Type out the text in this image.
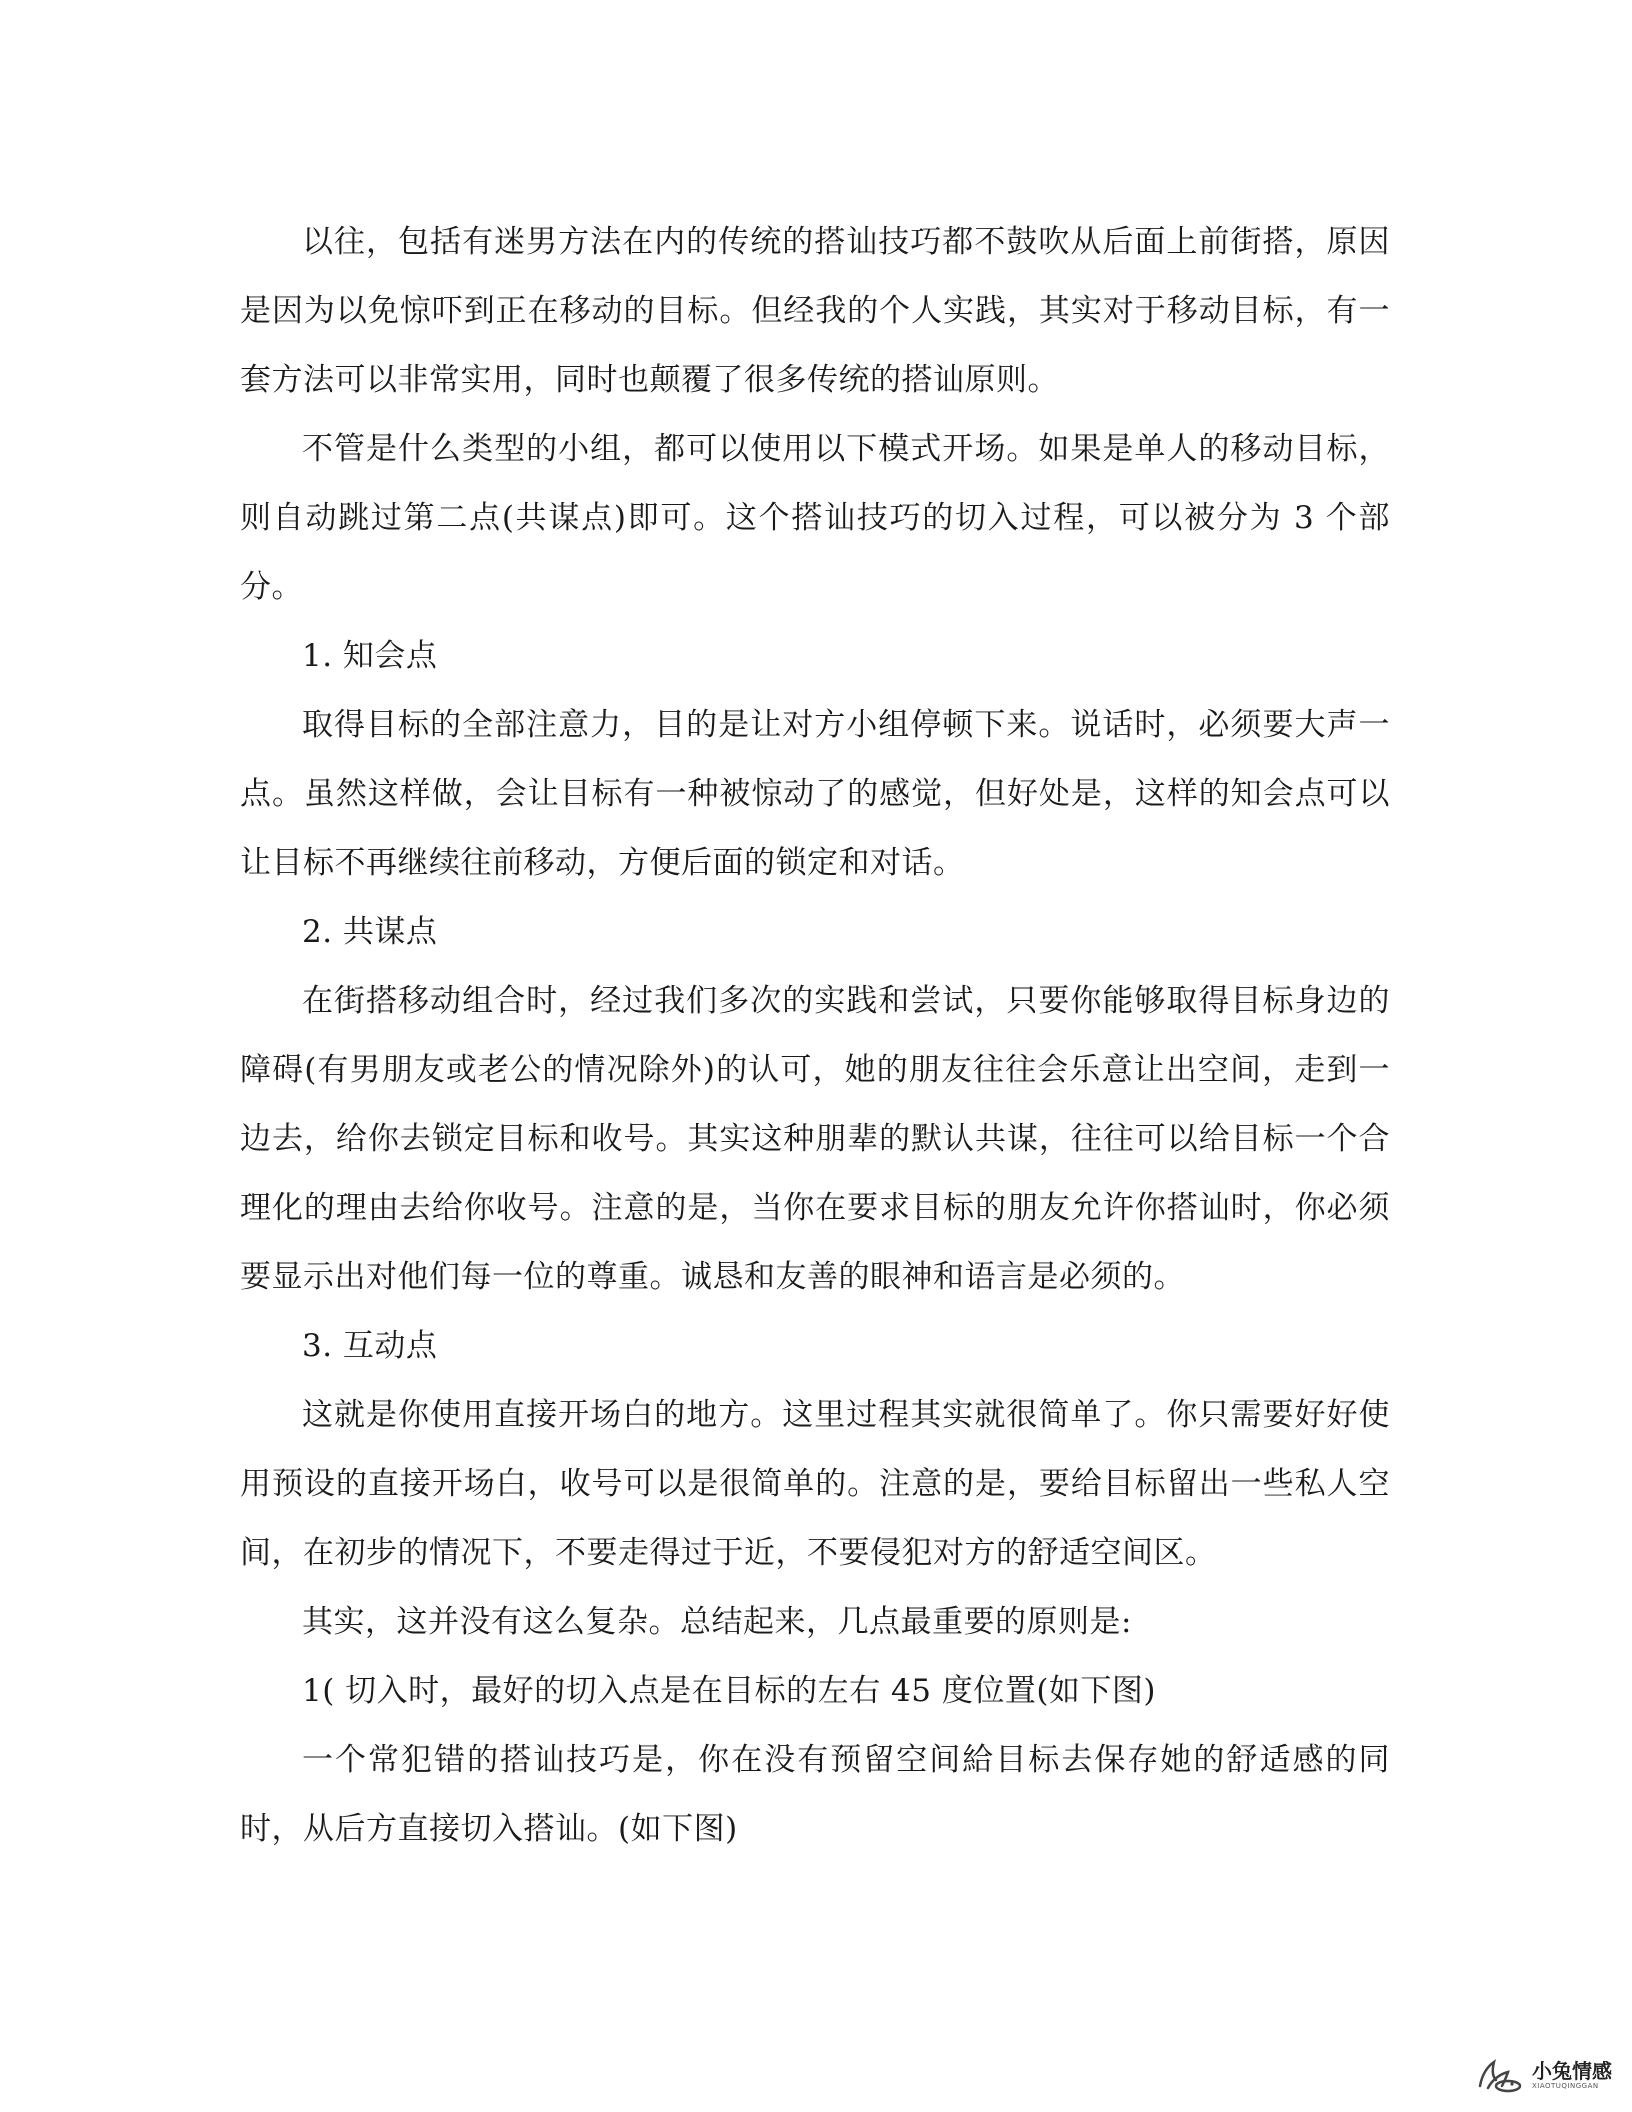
以往，包括有迷男方法在内的传统的搭讪技巧都不鼓吹从后面上前街搭，原因是因为以免惊吓到正在移动的目标。但经我的个人实践，其实对于移动目标，有一套方法可以非常实用，同时也颠覆了很多传统的搭讪原则。

不管是什么类型的小组，都可以使用以下模式开场。如果是单人的移动目标，则自动跳过第二点(共谋点)即可。这个搭讪技巧的切入过程，可以被分为 3 个部分。

1. 知会点

取得目标的全部注意力，目的是让对方小组停顿下来。说话时，必须要大声一点。虽然这样做，会让目标有一种被惊动了的感觉，但好处是，这样的知会点可以让目标不再继续往前移动，方便后面的锁定和对话。

2. 共谋点

在街搭移动组合时，经过我们多次的实践和尝试，只要你能够取得目标身边的障碍(有男朋友或老公的情况除外)的认可，她的朋友往往会乐意让出空间，走到一边去，给你去锁定目标和收号。其实这种朋辈的默认共谋，往往可以给目标一个合理化的理由去给你收号。注意的是，当你在要求目标的朋友允许你搭讪时，你必须要显示出对他们每一位的尊重。诚恳和友善的眼神和语言是必须的。

3. 互动点

这就是你使用直接开场白的地方。这里过程其实就很简单了。你只需要好好使用预设的直接开场白，收号可以是很简单的。注意的是，要给目标留出一些私人空间，在初步的情况下，不要走得过于近，不要侵犯对方的舒适空间区。

其实，这并没有这么复杂。总结起来，几点最重要的原则是:

1( 切入时，最好的切入点是在目标的左右 45 度位置(如下图)

一个常犯错的搭讪技巧是，你在没有预留空间給目标去保存她的舒适感的同时，从后方直接切入搭讪。(如下图)

小兔情感
XIAOTUQINGGAN
